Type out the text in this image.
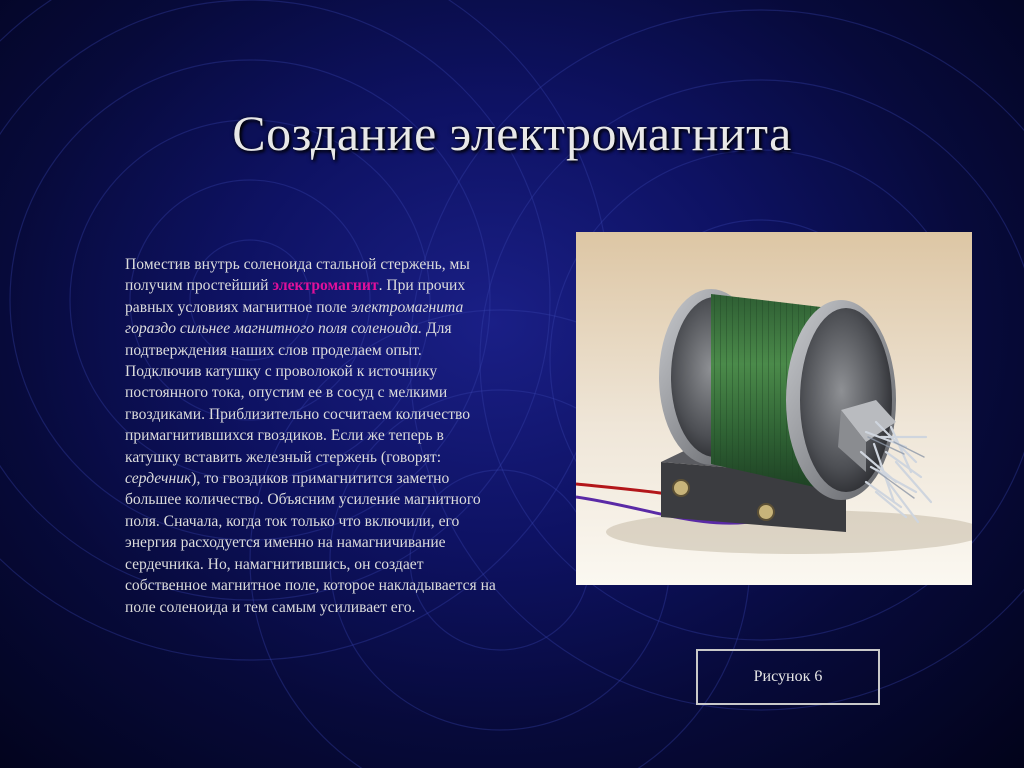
Создание электромагнита

Поместив внутрь соленоида стальной стержень, мы получим простейший электромагнит. При прочих равных условиях магнитное поле электромагнита гораздо сильнее магнитного поля соленоида. Для подтверждения наших слов проделаем опыт. Подключив катушку с проволокой к источнику постоянного тока, опустим ее в сосуд с мелкими гвоздиками. Приблизительно сосчитаем количество примагнитившихся гвоздиков. Если же теперь в катушку вставить железный стержень (говорят: сердечник), то гвоздиков примагнитится заметно большее количество. Объясним усиление магнитного поля. Сначала, когда ток только что включили, его энергия расходуется именно на намагничивание сердечника. Но, намагнитившись, он создает собственное магнитное поле, которое накладывается на поле соленоида и тем самым усиливает его.

Рисунок 6
